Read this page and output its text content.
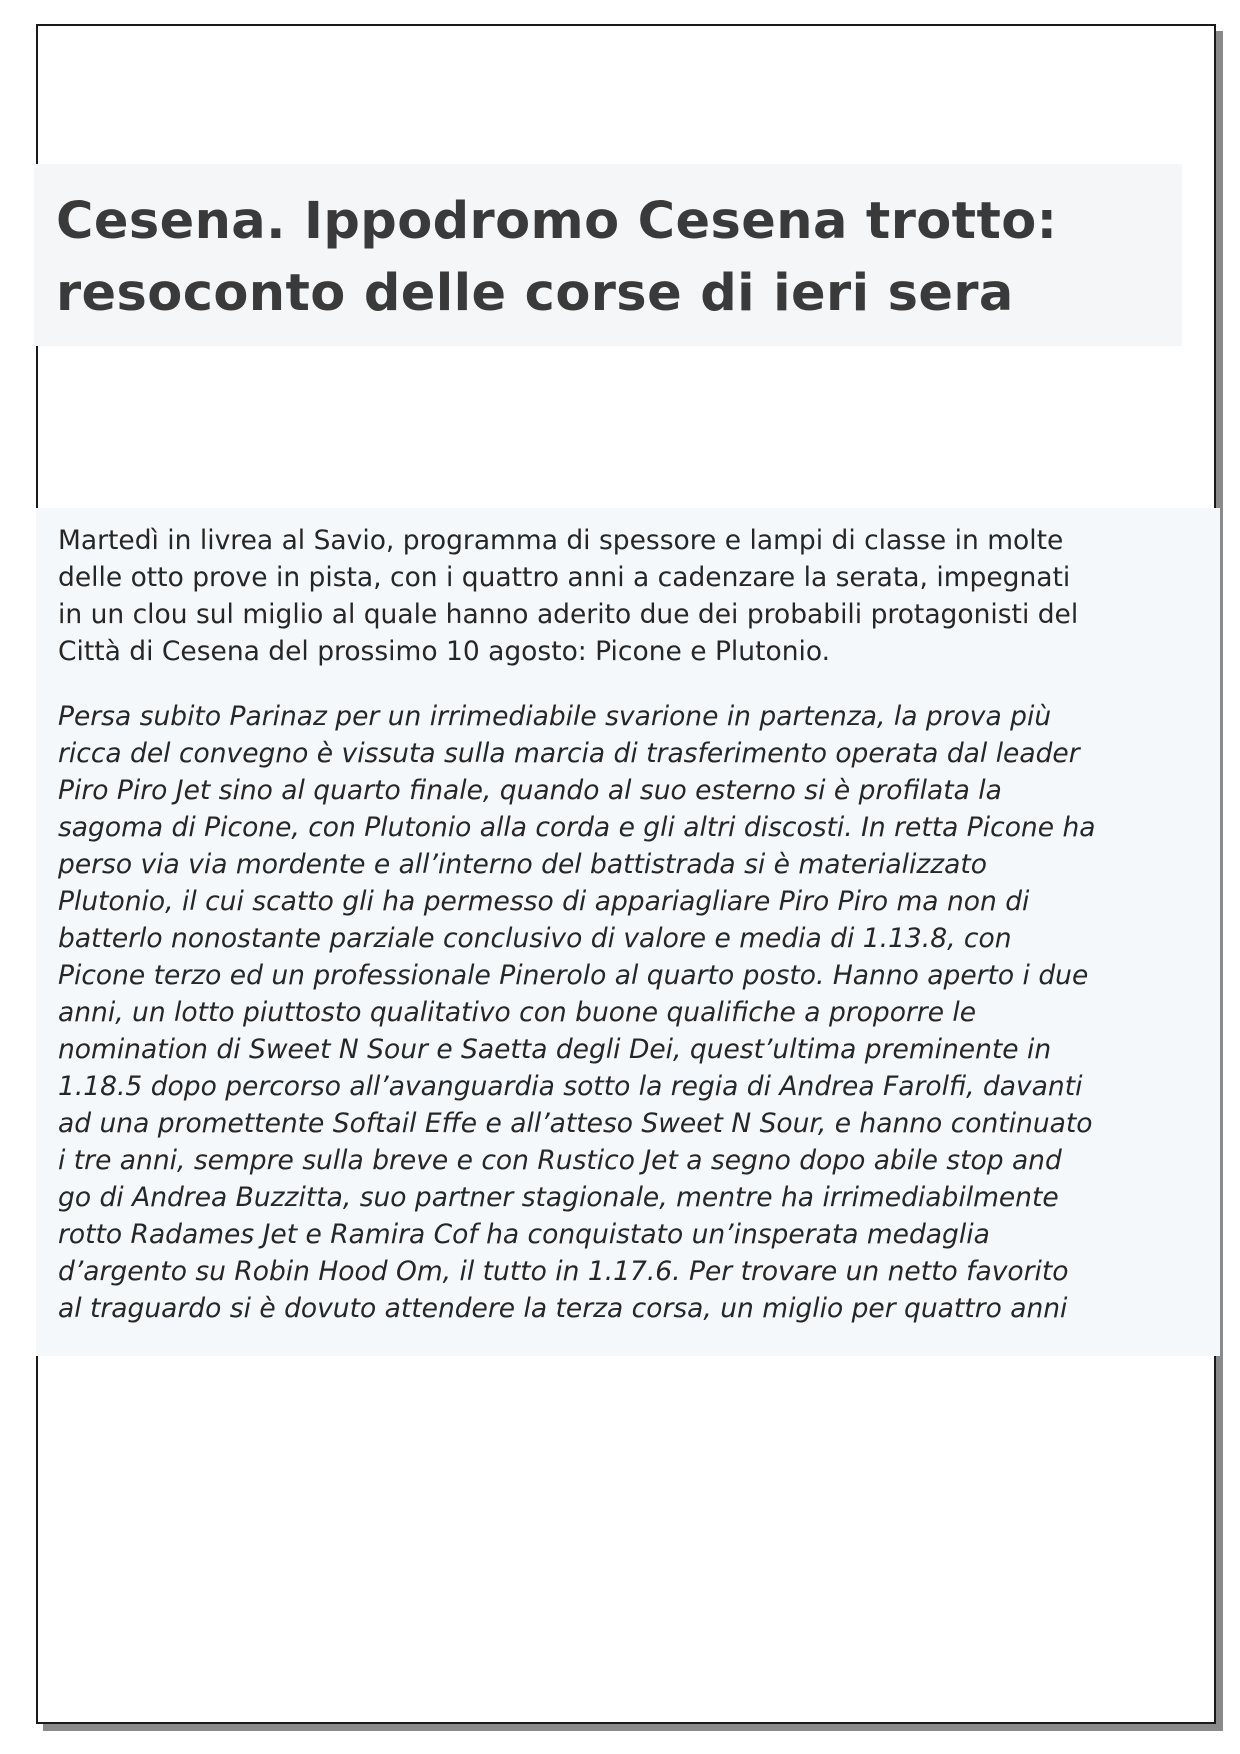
Cesena. Ippodromo Cesena trotto:
resoconto delle corse di ieri sera

Martedì in livrea al Savio, programma di spessore e lampi di classe in molte
delle otto prove in pista, con i quattro anni a cadenzare la serata, impegnati
in un clou sul miglio al quale hanno aderito due dei probabili protagonisti del
Città di Cesena del prossimo 10 agosto: Picone e Plutonio.

Persa subito Parinaz per un irrimediabile svarione in partenza, la prova più
ricca del convegno è vissuta sulla marcia di trasferimento operata dal leader
Piro Piro Jet sino al quarto finale, quando al suo esterno si è profilata la
sagoma di Picone, con Plutonio alla corda e gli altri discosti. In retta Picone ha
perso via via mordente e all’interno del battistrada si è materializzato
Plutonio, il cui scatto gli ha permesso di appariagliare Piro Piro ma non di
batterlo nonostante parziale conclusivo di valore e media di 1.13.8, con
Picone terzo ed un professionale Pinerolo al quarto posto. Hanno aperto i due
anni, un lotto piuttosto qualitativo con buone qualifiche a proporre le
nomination di Sweet N Sour e Saetta degli Dei, quest’ultima preminente in
1.18.5 dopo percorso all’avanguardia sotto la regia di Andrea Farolfi, davanti
ad una promettente Softail Effe e all’atteso Sweet N Sour, e hanno continuato
i tre anni, sempre sulla breve e con Rustico Jet a segno dopo abile stop and
go di Andrea Buzzitta, suo partner stagionale, mentre ha irrimediabilmente
rotto Radames Jet e Ramira Cof ha conquistato un’insperata medaglia
d’argento su Robin Hood Om, il tutto in 1.17.6. Per trovare un netto favorito
al traguardo si è dovuto attendere la terza corsa, un miglio per quattro anni
